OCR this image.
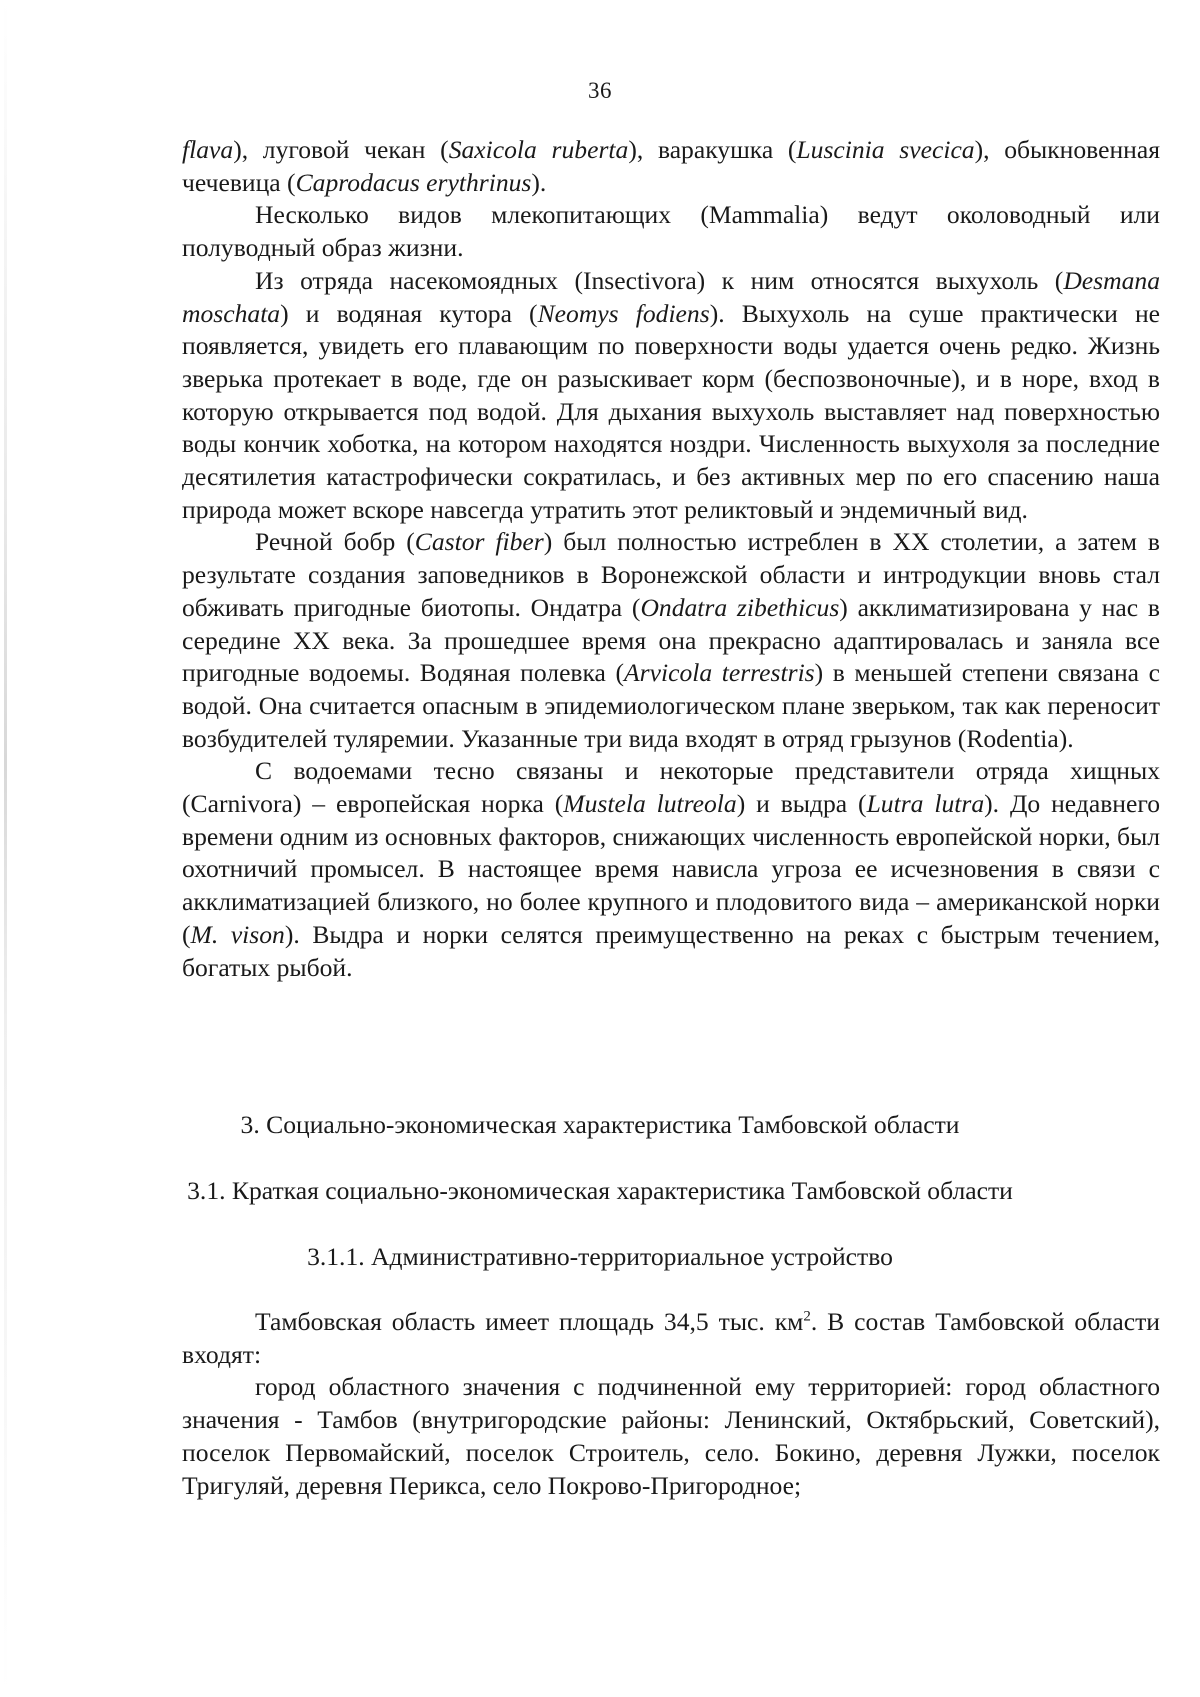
36

flava), луговой чекан (Saxicola ruberta), варакушка (Luscinia svecica), обыкновенная чечевица (Caprodacus erythrinus).

Несколько видов млекопитающих (Mammalia) ведут околоводный или полуводный образ жизни.

Из отряда насекомоядных (Insectivora) к ним относятся выхухоль (Desmana moschata) и водяная кутора (Neomys fodiens). Выхухоль на суше практически не появляется, увидеть его плавающим по поверхности воды удается очень редко. Жизнь зверька протекает в воде, где он разыскивает корм (беспозвоночные), и в норе, вход в которую открывается под водой. Для дыхания выхухоль выставляет над поверхностью воды кончик хоботка, на котором находятся ноздри. Численность выхухоля за последние десятилетия катастрофически сократилась, и без активных мер по его спасению наша природа может вскоре навсегда утратить этот реликтовый и эндемичный вид.

Речной бобр (Castor fiber) был полностью истреблен в XX столетии, а затем в результате создания заповедников в Воронежской области и интродукции вновь стал обживать пригодные биотопы. Ондатра (Ondatra zibethicus) акклиматизирована у нас в середине XX века. За прошедшее время она прекрасно адаптировалась и заняла все пригодные водоемы. Водяная полевка (Arvicola terrestris) в меньшей степени связана с водой. Она считается опасным в эпидемиологическом плане зверьком, так как переносит возбудителей туляремии. Указанные три вида входят в отряд грызунов (Rodentia).

С водоемами тесно связаны и некоторые представители отряда хищных (Carnivora) – европейская норка (Mustela lutreola) и выдра (Lutra lutra). До недавнего времени одним из основных факторов, снижающих численность европейской норки, был охотничий промысел. В настоящее время нависла угроза ее исчезновения в связи с акклиматизацией близкого, но более крупного и плодовитого вида – американской норки (M. vison). Выдра и норки селятся преимущественно на реках с быстрым течением, богатых рыбой.

3. Социально-экономическая характеристика Тамбовской области
3.1. Краткая социально-экономическая характеристика Тамбовской области
3.1.1. Административно-территориальное устройство

Тамбовская область имеет площадь 34,5 тыс. $км^2$. В состав Тамбовской области входят:

город областного значения с подчиненной ему территорией: город областного значения - Тамбов (внутригородские районы: Ленинский, Октябрьский, Советский), поселок Первомайский, поселок Строитель, село. Бокино, деревня Лужки, поселок Тригуляй, деревня Перикса, село Покрово-Пригородное;
